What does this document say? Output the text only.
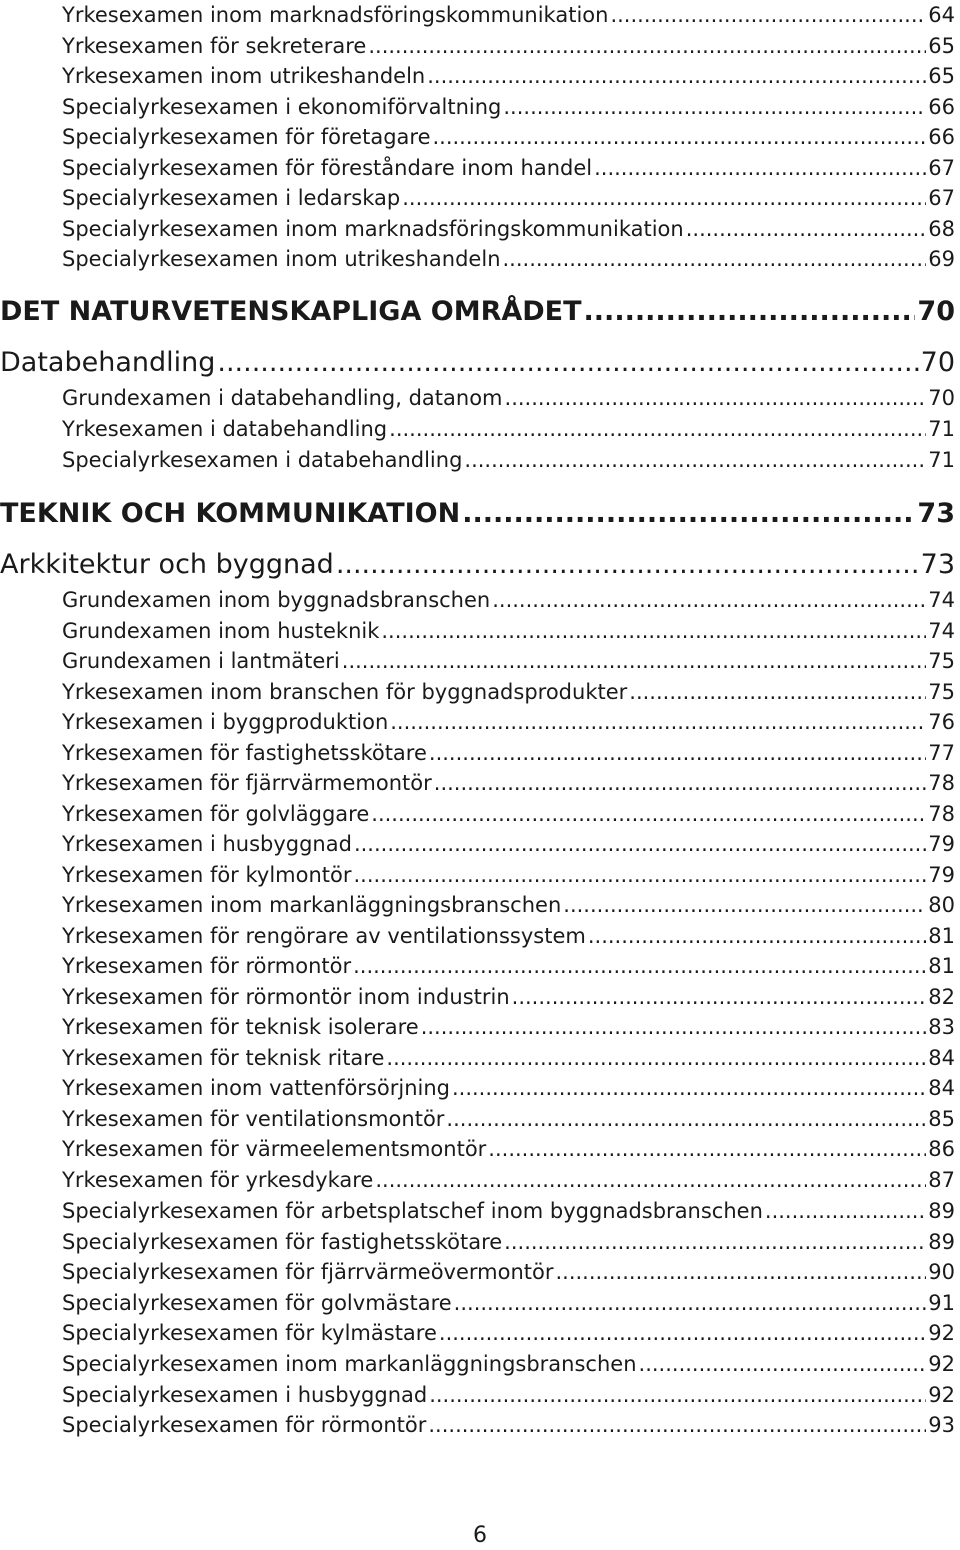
Yrkesexamen inom marknadsföringskommunikation .....	64
Yrkesexamen för sekreterare .....	65
Yrkesexamen inom utrikeshandeln .....	65
Specialyrkesexamen i ekonomiförvaltning .....	66
Specialyrkesexamen för företagare .....	66
Specialyrkesexamen för föreståndare inom handel .....	67
Specialyrkesexamen i ledarskap .....	67
Specialyrkesexamen inom marknadsföringskommunikation .....	68
Specialyrkesexamen inom utrikeshandeln .....	69
DET NATURVETENSKAPLIGA OMRÅDET .....	70
Databehandling .....	70
Grundexamen i databehandling, datanom .....	70
Yrkesexamen i databehandling .....	71
Specialyrkesexamen i databehandling .....	71
TEKNIK OCH KOMMUNIKATION .....	73
Arkkitektur och byggnad .....	73
Grundexamen inom byggnadsbranschen .....	74
Grundexamen inom husteknik .....	74
Grundexamen i lantmäteri .....	75
Yrkesexamen inom branschen för byggnadsprodukter .....	75
Yrkesexamen i byggproduktion .....	76
Yrkesexamen för fastighetsskötare .....	77
Yrkesexamen för fjärrvärmemontör .....	78
Yrkesexamen för golvläggare .....	78
Yrkesexamen i husbyggnad .....	79
Yrkesexamen för kylmontör .....	79
Yrkesexamen inom markanläggningsbranschen .....	80
Yrkesexamen för rengörare av ventilationssystem .....	81
Yrkesexamen för rörmontör .....	81
Yrkesexamen för rörmontör inom industrin .....	82
Yrkesexamen för teknisk isolerare .....	83
Yrkesexamen för teknisk ritare .....	84
Yrkesexamen inom vattenförsörjning .....	84
Yrkesexamen för ventilationsmontör .....	85
Yrkesexamen för värmeelementsmontör .....	86
Yrkesexamen för yrkesdykare .....	87
Specialyrkesexamen för arbetsplatschef inom byggnadsbranschen .....	89
Specialyrkesexamen för fastighetsskötare .....	89
Specialyrkesexamen för fjärrvärmeövermontör .....	90
Specialyrkesexamen för golvmästare .....	91
Specialyrkesexamen för kylmästare .....	92
Specialyrkesexamen inom markanläggningsbranschen .....	92
Specialyrkesexamen i husbyggnad .....	92
Specialyrkesexamen för rörmontör .....	93
6
